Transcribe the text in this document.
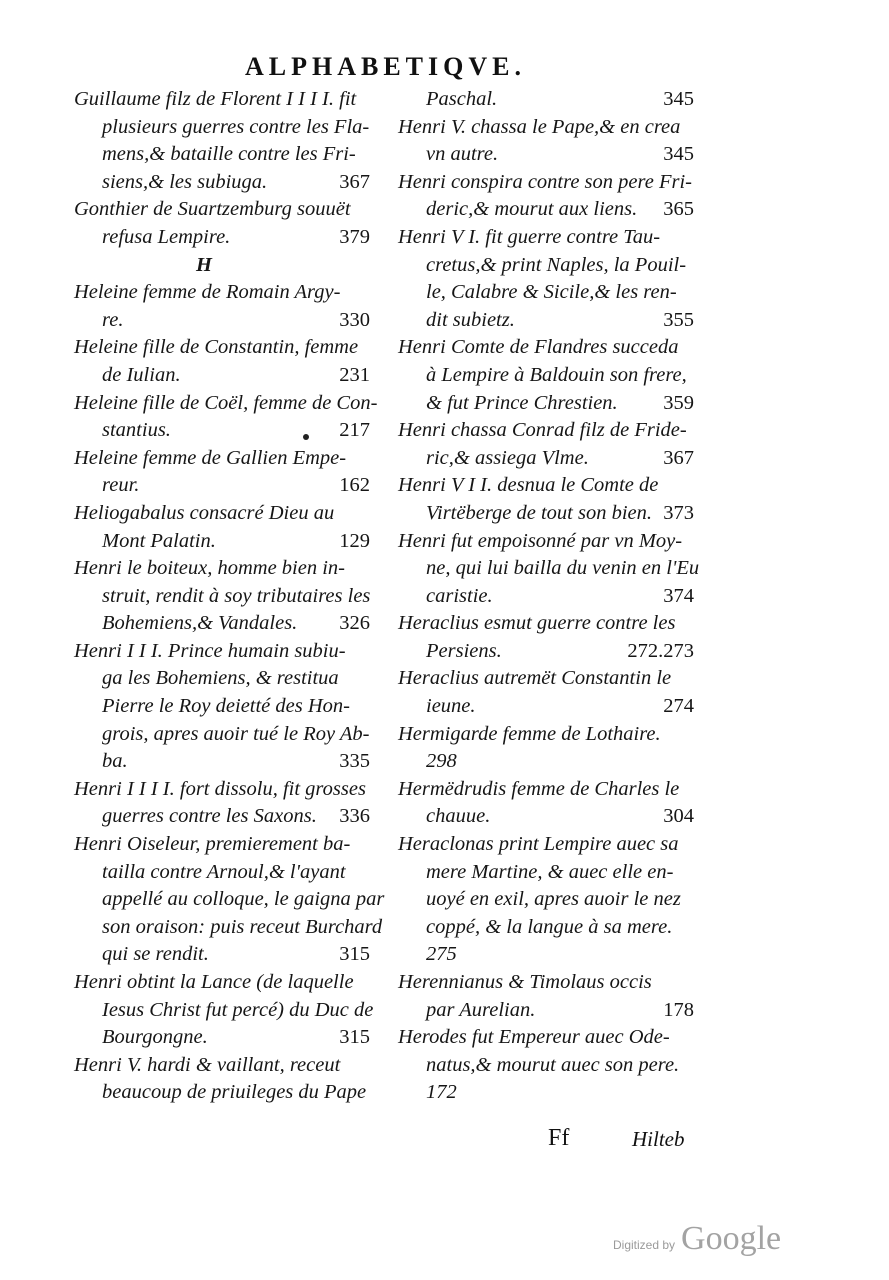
ALPHABETIQVE.
Guillaume filz de Florent I I I I. fit
plusieurs guerres contre les Fla-
mens,& bataille contre les Fri-
siens,& les subiuga.	367
Gonthier de Suartzemburg souuët
refusa Lempire.	379
H
Heleine femme de Romain Argy-
re.	330
Heleine fille de Constantin, femme
de Iulian.	231
Heleine fille de Coël, femme de Con-
stantius.	217
Heleine femme de Gallien Empe-
reur.	162
Heliogabalus consacré Dieu au
Mont Palatin.	129
Henri le boiteux, homme bien in-
struit, rendit à soy tributaires les
Bohemiens,& Vandales. 326
Henri I I I. Prince humain subiu-
ga les Bohemiens, & restitua
Pierre le Roy deietté des Hon-
grois, apres auoir tué le Roy Ab-
ba.	335
Henri I I I I. fort dissolu, fit grosses
guerres contre les Saxons. 336
Henri Oiseleur, premierement ba-
tailla contre Arnoul,& l'ayant
appellé au colloque, le gaigna par
son oraison: puis receut Burchard
qui se rendit.	315
Henri obtint la Lance (de laquelle
Iesus Christ fut percé) du Duc de
Bourgongne.	315
Henri V. hardi & vaillant, receut
beaucoup de priuileges du Pape
Paschal.	345
Henri V. chassa le Pape,& en crea
vn autre.	345
Henri conspira contre son pere Fri-
deric,& mourut aux liens. 365
Henri V I. fit guerre contre Tau-
cretus,& print Naples, la Pouil-
le, Calabre & Sicile,& les ren-
dit subietz.	355
Henri Comte de Flandres succeda
à Lempire à Baldouin son frere,
& fut Prince Chrestien. 359
Henri chassa Conrad filz de Fride-
ric,& assiega Vlme.	367
Henri V I I. desnua le Comte de
Virtëberge de tout son bien. 373
Henri fut empoisonné par vn Moy-
ne, qui lui bailla du venin en l'Eu
caristie.	374
Heraclius esmut guerre contre les
Persiens.	272.273
Heraclius autremët Constantin le
ieune.	274
Hermigarde femme de Lothaire.
298
Hermëdrudis femme de Charles le
chauue.	304
Heraclonas print Lempire auec sa
mere Martine, & auec elle en-
uoyé en exil, apres auoir le nez
coppé, & la langue à sa mere.
275
Herennianus & Timolaus occis
par Aurelian.	178
Herodes fut Empereur auec Ode-
natus,& mourut auec son pere.
172
Ff	Hilteb
Digitized by Google
